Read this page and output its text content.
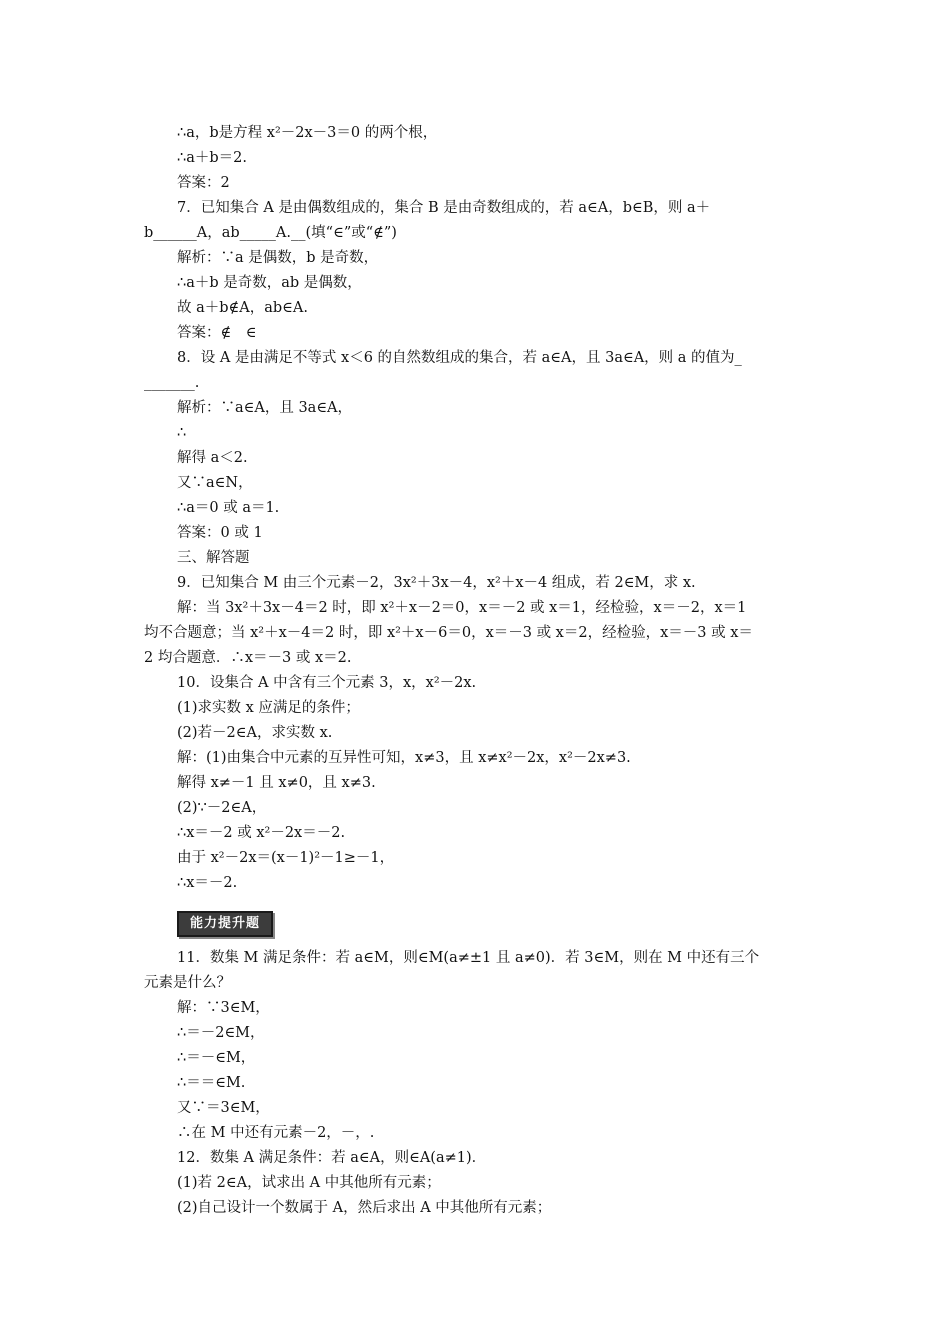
∴a，b是方程 x²－2x－3＝0 的两个根，
∴a＋b＝2.
答案：2
7．已知集合 A 是由偶数组成的，集合 B 是由奇数组成的，若 a∈A，b∈B，则 a＋
b______A，ab_____A.__(填“∈”或“∉”)
解析：∵a 是偶数，b 是奇数，
∴a＋b 是奇数，ab 是偶数，
故 a＋b∉A，ab∈A.
答案：∉　∈
8．设 A 是由满足不等式 x＜6 的自然数组成的集合，若 a∈A，且 3a∈A，则 a 的值为_
_______.
解析：∵a∈A，且 3a∈A，
∴
解得 a＜2.
又∵a∈N，
∴a＝0 或 a＝1.
答案：0 或 1
三、解答题
9．已知集合 M 由三个元素－2，3x²＋3x－4，x²＋x－4 组成，若 2∈M，求 x.
解：当 3x²＋3x－4＝2 时，即 x²＋x－2＝0，x＝－2 或 x＝1，经检验，x＝－2，x＝1
均不合题意；当 x²＋x－4＝2 时，即 x²＋x－6＝0，x＝－3 或 x＝2，经检验，x＝－3 或 x＝
2 均合题意．∴x＝－3 或 x＝2.
10．设集合 A 中含有三个元素 3，x，x²－2x.
(1)求实数 x 应满足的条件；
(2)若－2∈A，求实数 x.
解：(1)由集合中元素的互异性可知，x≠3，且 x≠x²－2x，x²－2x≠3.
解得 x≠－1 且 x≠0，且 x≠3.
(2)∵－2∈A，
∴x＝－2 或 x²－2x＝－2.
由于 x²－2x＝(x－1)²－1≥－1，
∴x＝－2.
能力提升题
11．数集 M 满足条件：若 a∈M，则∈M(a≠±1 且 a≠0)．若 3∈M，则在 M 中还有三个
元素是什么？
解：∵3∈M，
∴＝－2∈M，
∴＝－∈M，
∴＝＝∈M.
又∵＝3∈M，
∴在 M 中还有元素－2，－，.
12．数集 A 满足条件：若 a∈A，则∈A(a≠1)．
(1)若 2∈A，试求出 A 中其他所有元素；
(2)自己设计一个数属于 A，然后求出 A 中其他所有元素；
